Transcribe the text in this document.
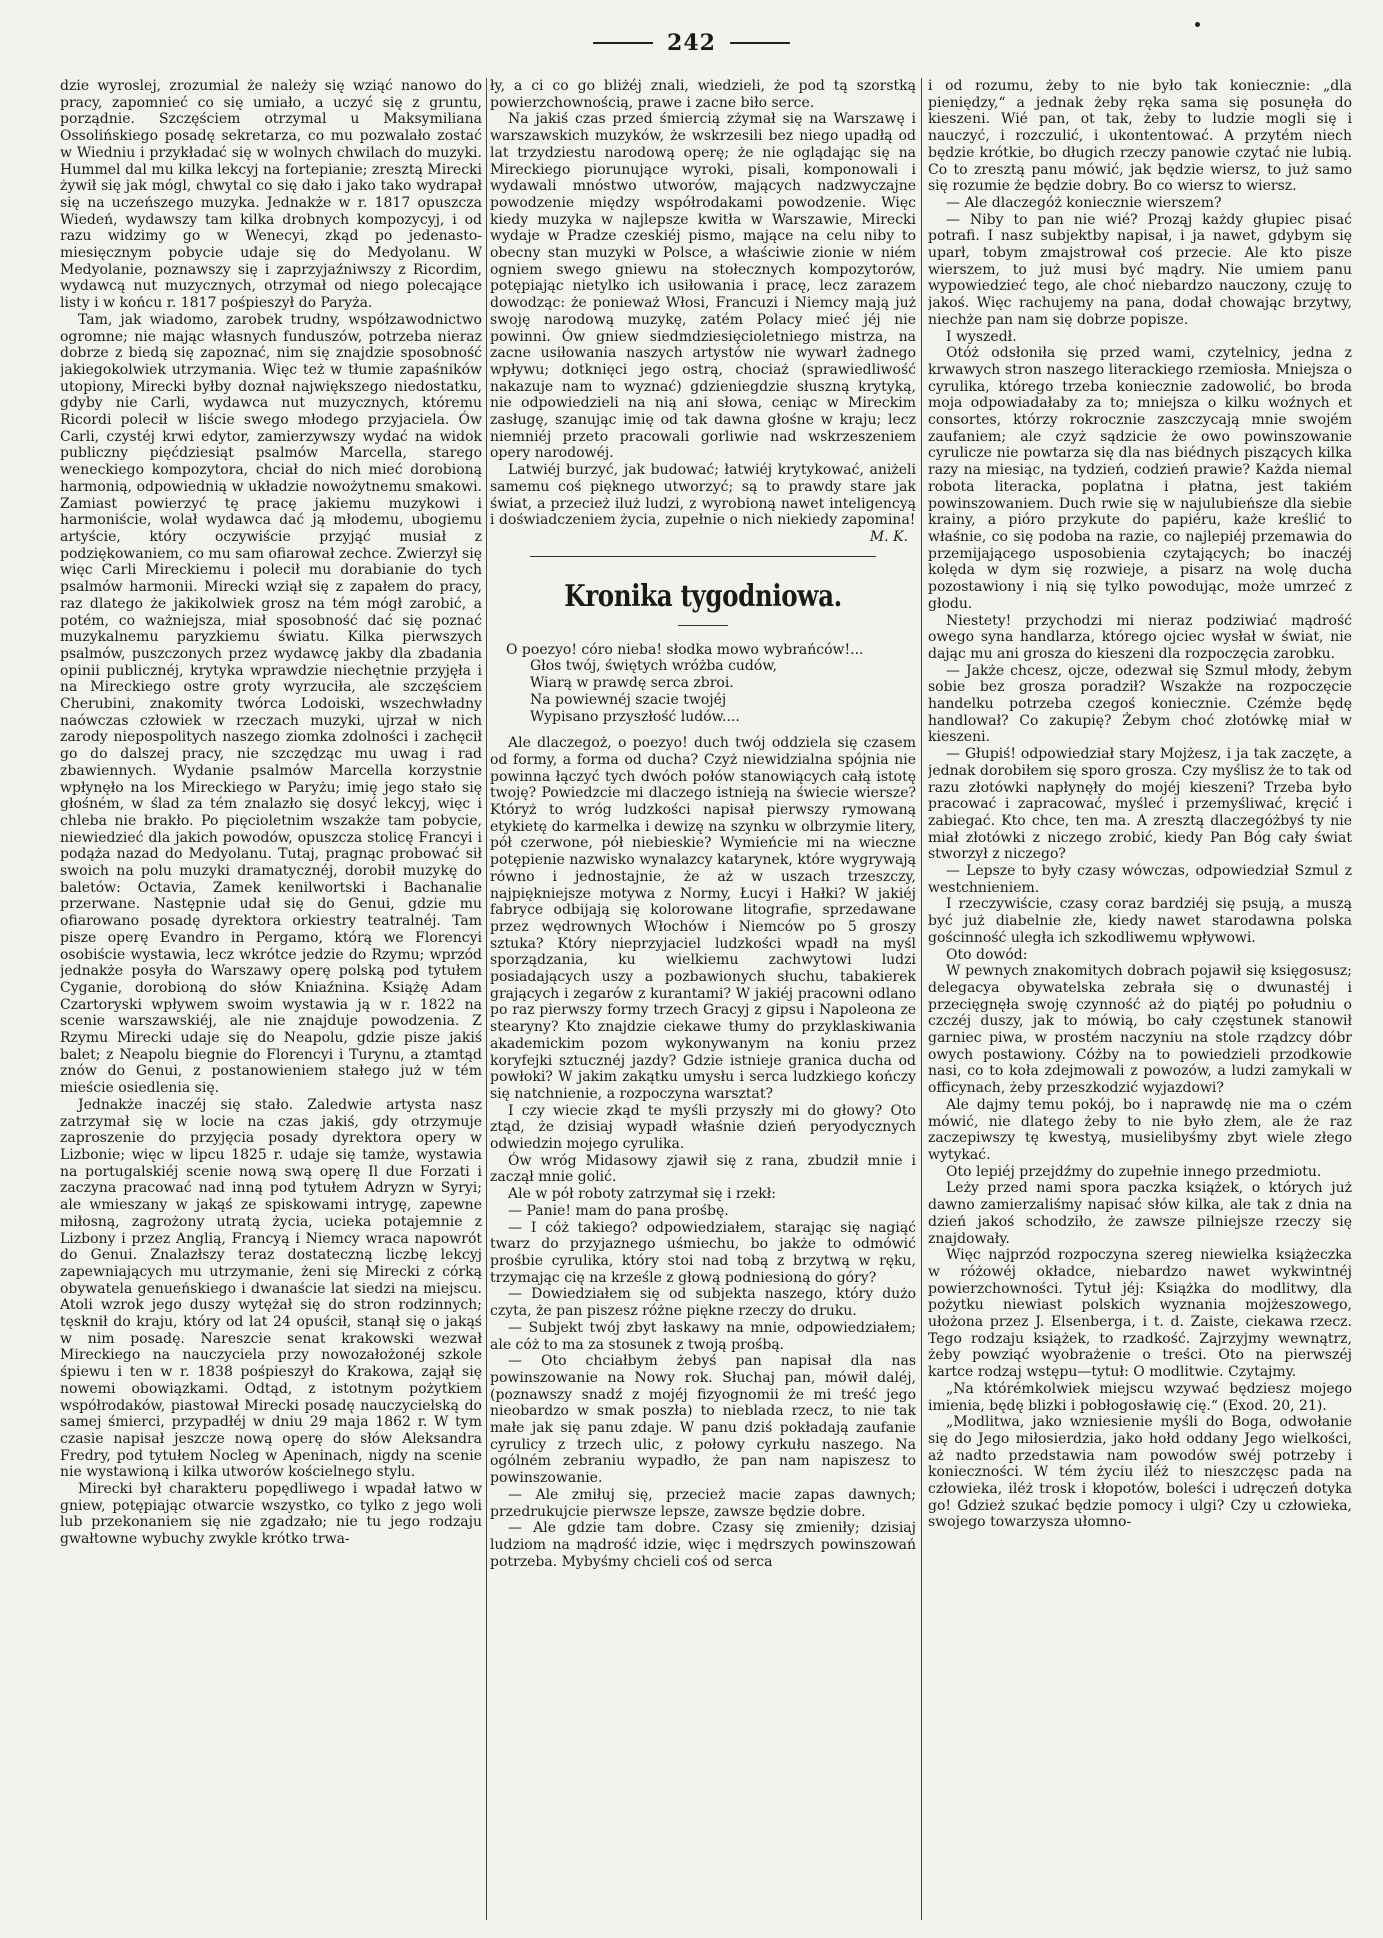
242

dzie wyroslej, zrozumial że należy się wziąć nanowo do pracy, zapomnieć co się umiało, a uczyć się z gruntu, porządnie. Szczęściem otrzymal u Maksymiliana Ossolińskiego posadę sekretarza, co mu pozwalało zostać w Wiedniu i przykładać się w wolnych chwilach do muzyki. Hummel dal mu kilka lekcyj na fortepianie; zresztą Mirecki żywił się jak mógl, chwytal co się dało i jako tako wydrapał się na uczeńszego muzyka. Jednakże w r. 1817 opuszcza Wiedeń, wydawszy tam kilka drobnych kompozycyj, i od razu widzimy go w Wenecyi, zkąd po jedenasto-miesięcznym pobycie udaje się do Medyolanu. W Medyolanie, poznawszy się i zaprzyjaźniwszy z Ricordim, wydawcą nut muzycznych, otrzymał od niego polecające listy i w końcu r. 1817 pośpieszył do Paryża.

Tam, jak wiadomo, zarobek trudny, współzawodnictwo ogromne; nie mając własnych funduszów, potrzeba nieraz dobrze z biedą się zapoznać, nim się znajdzie sposobność jakiegokolwiek utrzymania. Więc też w tłumie zapaśników utopiony, Mirecki byłby doznał największego niedostatku, gdyby nie Carli, wydawca nut muzycznych, któremu Ricordi polecił w liście swego młodego przyjaciela. Ów Carli, czystéj krwi edytor, zamierzywszy wydać na widok publiczny pięćdziesiąt psalmów Marcella, starego weneckiego kompozytora, chciał do nich mieć dorobioną harmonią, odpowiednią w układzie nowożytnemu smakowi. Zamiast powierzyć tę pracę jakiemu muzykowi i harmoniście, wolał wydawca dać ją młodemu, ubogiemu artyście, który oczywiście przyjąć musiał z podziękowaniem, co mu sam ofiarował zechce. Zwierzył się więc Carli Mireckiemu i polecił mu dorabianie do tych psalmów harmonii. Mirecki wziął się z zapałem do pracy, raz dlatego że jakikolwiek grosz na tém mógł zarobić, a potém, co ważniejsza, miał sposobność dać się poznać muzykalnemu paryzkiemu światu. Kilka pierwszych psalmów, puszczonych przez wydawcę jakby dla zbadania opinii publicznéj, krytyka wprawdzie niechętnie przyjęła i na Mireckiego ostre groty wyrzuciła, ale szczęściem Cherubini, znakomity twórca Lodoiski, wszechwładny naówczas człowiek w rzeczach muzyki, ujrzał w nich zarody niepospolitych naszego ziomka zdolności i zachęcił go do dalszej pracy, nie szczędząc mu uwag i rad zbawiennych. Wydanie psalmów Marcella korzystnie wpłynęło na los Mireckiego w Paryżu; imię jego stało się głośném, w ślad za tém znalazło się dosyć lekcyj, więc i chleba nie brakło. Po pięcioletnim wszakże tam pobycie, niewiedzieć dla jakich powodów, opuszcza stolicę Francyi i podąża nazad do Medyolanu. Tutaj, pragnąc probować sił swoich na polu muzyki dramatycznéj, dorobił muzykę do baletów: Octavia, Zamek kenilwortski i Bachanalie przerwane. Następnie udał się do Genui, gdzie mu ofiarowano posadę dyrektora orkiestry teatralnéj. Tam pisze operę Evandro in Pergamo, którą we Florencyi osobiście wystawia, lecz wkrótce jedzie do Rzymu; wprzód jednakże posyła do Warszawy operę polską pod tytułem Cyganie, dorobioną do słów Kniaźnina. Książę Adam Czartoryski wpływem swoim wystawia ją w r. 1822 na scenie warszawskiéj, ale nie znajduje powodzenia. Z Rzymu Mirecki udaje się do Neapolu, gdzie pisze jakiś balet; z Neapolu biegnie do Florencyi i Turynu, a ztamtąd znów do Genui, z postanowieniem stałego już w tém mieście osiedlenia się.

Jednakże inaczéj się stało. Zaledwie artysta nasz zatrzymał się w locie na czas jakiś, gdy otrzymuje zaproszenie do przyjęcia posady dyrektora opery w Lizbonie; więc w lipcu 1825 r. udaje się tamże, wystawia na portugalskiéj scenie nową swą operę Il due Forzati i zaczyna pracować nad inną pod tytułem Adryzn w Syryi; ale wmieszany w jakąś ze spiskowami intrygę, zapewne miłosną, zagrożony utratą życia, ucieka potajemnie z Lizbony i przez Anglią, Francyą i Niemcy wraca napowrót do Genui. Znalazłszy teraz dostateczną liczbę lekcyj zapewniających mu utrzymanie, żeni się Mirecki z córką obywatela genueńskiego i dwanaście lat siedzi na miejscu. Atoli wzrok jego duszy wytężał się do stron rodzinnych; tęsknił do kraju, który od lat 24 opuścił, stanął się o jakąś w nim posadę. Nareszcie senat krakowski wezwał Mireckiego na nauczyciela przy nowozałożonéj szkole śpiewu i ten w r. 1838 pośpieszył do Krakowa, zajął się nowemi obowiązkami. Odtąd, z istotnym pożytkiem współrodaków, piastował Mirecki posadę nauczycielską do samej śmierci, przypadłéj w dniu 29 maja 1862 r. W tym czasie napisał jeszcze nową operę do słów Aleksandra Fredry, pod tytułem Nocleg w Apeninach, nigdy na scenie nie wystawioną i kilka utworów kościelnego stylu.

Mirecki był charakteru popędliwego i wpadał łatwo w gniew, potępiając otwarcie wszystko, co tylko z jego woli lub przekonaniem się nie zgadzało; nie tu jego rodzaju gwałtowne wybuchy zwykle krótko trwa-

ły, a ci co go bliżéj znali, wiedzieli, że pod tą szorstką powierzchownością, prawe i zacne biło serce.

Na jakiś czas przed śmiercią zżymał się na Warszawę i warszawskich muzyków, że wskrzesili bez niego upadłą od lat trzydziestu narodową operę; że nie oglądając się na Mireckiego piorunujące wyroki, pisali, komponowali i wydawali mnóstwo utworów, mających nadzwyczajne powodzenie między współrodakami powodzenie. Więc kiedy muzyka w najlepsze kwitła w Warszawie, Mirecki wydaje w Pradze czeskiéj pismo, mające na celu niby to obecny stan muzyki w Polsce, a właściwie zionie w niém ogniem swego gniewu na stołecznych kompozytorów, potępiając nietylko ich usiłowania i pracę, lecz zarazem dowodząc: że ponieważ Włosi, Francuzi i Niemcy mają już swoję narodową muzykę, zatém Polacy mieć jéj nie powinni. Ów gniew siedmdziesięcioletniego mistrza, na zacne usiłowania naszych artystów nie wywarł żadnego wpływu; dotknięci jego ostrą, chociaż (sprawiedliwość nakazuje nam to wyznać) gdzieniegdzie słuszną krytyką, nie odpowiedzieli na nią ani słowa, ceniąc w Mireckim zasługę, szanując imię od tak dawna głośne w kraju; lecz niemniéj przeto pracowali gorliwie nad wskrzeszeniem opery narodowéj.

Latwiéj burzyć, jak budować; łatwiéj krytykować, aniżeli samemu coś pięknego utworzyć; są to prawdy stare jak świat, a przecież iluż ludzi, z wyrobioną nawet inteligencyą i doświadczeniem życia, zupełnie o nich niekiedy zapomina!

M. K.
Kronika tygodniowa.
O poezyo! córo nieba! słodka mowo wybrańców!...
Głos twój, świętych wróżba cudów,
Wiarą w prawdę serca zbroi.
Na powiewnéj szacie twojéj
Wypisano przyszłość ludów....

Ale dlaczegoż, o poezyo! duch twój oddziela się czasem od formy, a forma od ducha? Czyż niewidzialna spójnia nie powinna łączyć tych dwóch połów stanowiących całą istotę twoję? Powiedzcie mi dlaczego istnieją na świecie wiersze? Któryż to wróg ludzkości napisał pierwszy rymowaną etykietę do karmelka i dewizę na szynku w olbrzymie litery, pół czerwone, pół niebieskie? Wymieńcie mi na wieczne potępienie nazwisko wynalazcy katarynek, które wygrywają równo i jednostajnie, że aż w uszach trzeszczy, najpiękniejsze motywa z Normy, Łucyi i Hałki? W jakiéj fabryce odbijają się kolorowane litografie, sprzedawane przez wędrownych Włochów i Niemców po 5 groszy sztuka? Który nieprzyjaciel ludzkości wpadł na myśl sporządzania, ku wielkiemu zachwytowi ludzi posiadających uszy a pozbawionych słuchu, tabakierek grających i zegarów z kurantami? W jakiéj pracowni odlano po raz pierwszy formy trzech Gracyj z gipsu i Napoleona ze stearyny? Kto znajdzie ciekawe tłumy do przyklaskiwania akademickim pozom wykonywanym na koniu przez koryfejki sztucznéj jazdy? Gdzie istnieje granica ducha od powłoki? W jakim zakątku umysłu i serca ludzkiego kończy się natchnienie, a rozpoczyna warsztat?

I czy wiecie zkąd te myśli przyszły mi do głowy? Oto ztąd, że dzisiaj wypadł właśnie dzień peryodycznych odwiedzin mojego cyrulika.

Ów wróg Midasowy zjawił się z rana, zbudził mnie i zaczął mnie golić.

Ale w pół roboty zatrzymał się i rzekł:

— Panie! mam do pana prośbę.

— I cóż takiego? odpowiedziałem, starając się nagiąć twarz do przyjaznego uśmiechu, bo jakże to odmówić prośbie cyrulika, który stoi nad tobą z brzytwą w ręku, trzymając cię na krześle z głową podniesioną do góry?

— Dowiedziałem się od subjekta naszego, który dużo czyta, że pan piszesz różne piękne rzeczy do druku.

— Subjekt twój zbyt łaskawy na mnie, odpowiedziałem; ale cóż to ma za stosunek z twoją prośbą.

— Oto chciałbym żebyś pan napisał dla nas powinszowanie na Nowy rok. Słuchaj pan, mówił daléj, (poznawszy snadź z mojéj fizyognomii że mi treść jego nieobardzo w smak poszła) to nieblada rzecz, to nie tak małe jak się panu zdaje. W panu dziś pokładają zaufanie cyrulicy z trzech ulic, z połowy cyrkułu naszego. Na ogólném zebraniu wypadło, że pan nam napiszesz to powinszowanie.

— Ale zmiłuj się, przecież macie zapas dawnych; przedrukujcie pierwsze lepsze, zawsze będzie dobre.

— Ale gdzie tam dobre. Czasy się zmieniły; dzisiaj ludziom na mądrość idzie, więc i mędrszych powinszowań potrzeba. Mybyśmy chcieli coś od serca

i od rozumu, żeby to nie było tak koniecznie: „dla pieniędzy,“ a jednak żeby ręka sama się posunęła do kieszeni. Wié pan, ot tak, żeby to ludzie mogli się i nauczyć, i rozczulić, i ukontentować. A przytém niech będzie krótkie, bo długich rzeczy panowie czytać nie lubią. Co to zresztą panu mówić, jak będzie wiersz, to już samo się rozumie że będzie dobry. Bo co wiersz to wiersz.

— Ale dlaczegóż koniecznie wierszem?

— Niby to pan nie wié? Proząj każdy głupiec pisać potrafi. I nasz subjektby napisał, i ja nawet, gdybym się uparł, tobym zmajstrował coś przecie. Ale kto pisze wierszem, to już musi być mądry. Nie umiem panu wypowiedzieć tego, ale choć niebardzo nauczony, czuję to jakoś. Więc rachujemy na pana, dodał chowając brzytwy, niechże pan nam się dobrze popisze.

I wyszedł.

Otóż odsłoniła się przed wami, czytelnicy, jedna z krwawych stron naszego literackiego rzemiosła. Mniejsza o cyrulika, którego trzeba koniecznie zadowolić, bo broda moja odpowiadałaby za to; mniejsza o kilku woźnych et consortes, którzy rokrocznie zaszczycają mnie swojém zaufaniem; ale czyż sądzicie że owo powinszowanie cyrulicze nie powtarza się dla nas biédnych piszących kilka razy na miesiąc, na tydzień, codzień prawie? Każda niemal robota literacka, poplatna i płatna, jest takiém powinszowaniem. Duch rwie się w najulubieńsze dla siebie krainy, a pióro przykute do papiéru, każe kreślić to właśnie, co się podoba na razie, co najlepiéj przemawia do przemijającego usposobienia czytających; bo inaczéj kolęda w dym się rozwieje, a pisarz na wolę ducha pozostawiony i nią się tylko powodując, może umrzeć z głodu.

Niestety! przychodzi mi nieraz podziwiać mądrość owego syna handlarza, którego ojciec wysłał w świat, nie dając mu ani grosza do kieszeni dla rozpoczęcia zarobku.

— Jakże chcesz, ojcze, odezwał się Szmul młody, żebym sobie bez grosza poradził? Wszakże na rozpoczęcie handelku potrzeba czegoś koniecznie. Czémże będę handlował? Co zakupię? Żebym choć złotówkę miał w kieszeni.

— Głupiś! odpowiedział stary Mojżesz, i ja tak zaczęte, a jednak dorobiłem się sporo grosza. Czy myślisz że to tak od razu złotówki napłynęły do mojéj kieszeni? Trzeba było pracować i zapracować, myśleć i przemyśliwać, kręcić i zabiegać. Kto chce, ten ma. A zresztą dlaczegóżbyś ty nie miał złotówki z niczego zrobić, kiedy Pan Bóg cały świat stworzył z niczego?

— Lepsze to były czasy wówczas, odpowiedział Szmul z westchnieniem.

I rzeczywiście, czasy coraz bardziéj się psują, a muszą być już diabelnie złe, kiedy nawet starodawna polska gościnność uległa ich szkodliwemu wpływowi.

Oto dowód:

W pewnych znakomitych dobrach pojawił się księgosusz; delegacya obywatelska zebrała się o dwunastéj i przecięgnęła swoję czynność aż do piątéj po południu o czczéj duszy, jak to mówią, bo cały częstunek stanowił garniec piwa, w prostém naczyniu na stole rządzcy dóbr owych postawiony. Cóżby na to powiedzieli przodkowie nasi, co to koła zdejmowali z powozów, a ludzi zamykali w officynach, żeby przeszkodzić wyjazdowi?

Ale dajmy temu pokój, bo i naprawdę nie ma o czém mówić, nie dlatego żeby to nie było złem, ale że raz zaczepiwszy tę kwestyą, musielibyśmy zbyt wiele złego wytykać.

Oto lepiéj przejdźmy do zupełnie innego przedmiotu.

Leży przed nami spora paczka książek, o których już dawno zamierzaliśmy napisać słów kilka, ale tak z dnia na dzień jakoś schodziło, że zawsze pilniejsze rzeczy się znajdowały.

Więc najprzód rozpoczyna szereg niewielka książeczka w różowéj okładce, niebardzo nawet wykwintnéj powierzchowności. Tytuł jéj: Książka do modlitwy, dla pożytku niewiast polskich wyznania mojżeszowego, ułożona przez J. Elsenberga, i t. d. Zaiste, ciekawa rzecz. Tego rodzaju książek, to rzadkość. Zajrzyjmy wewnątrz, żeby powziąć wyobrażenie o treści. Oto na pierwszéj kartce rodzaj wstępu—tytuł: O modlitwie. Czytajmy.

„Na którémkolwiek miejscu wzywać będziesz mojego imienia, będę blizki i pobłogosławię cię.“ (Exod. 20, 21).

„Modlitwa, jako wzniesienie myśli do Boga, odwołanie się do Jego miłosierdzia, jako hołd oddany Jego wielkości, aż nadto przedstawia nam powodów swéj potrzeby i konieczności. W tém życiu iléż to nieszczęsc pada na człowieka, iléż trosk i kłopotów, boleści i udręczeń dotyka go! Gdzież szukać będzie pomocy i ulgi? Czy u człowieka, swojego towarzysza ułomno-
